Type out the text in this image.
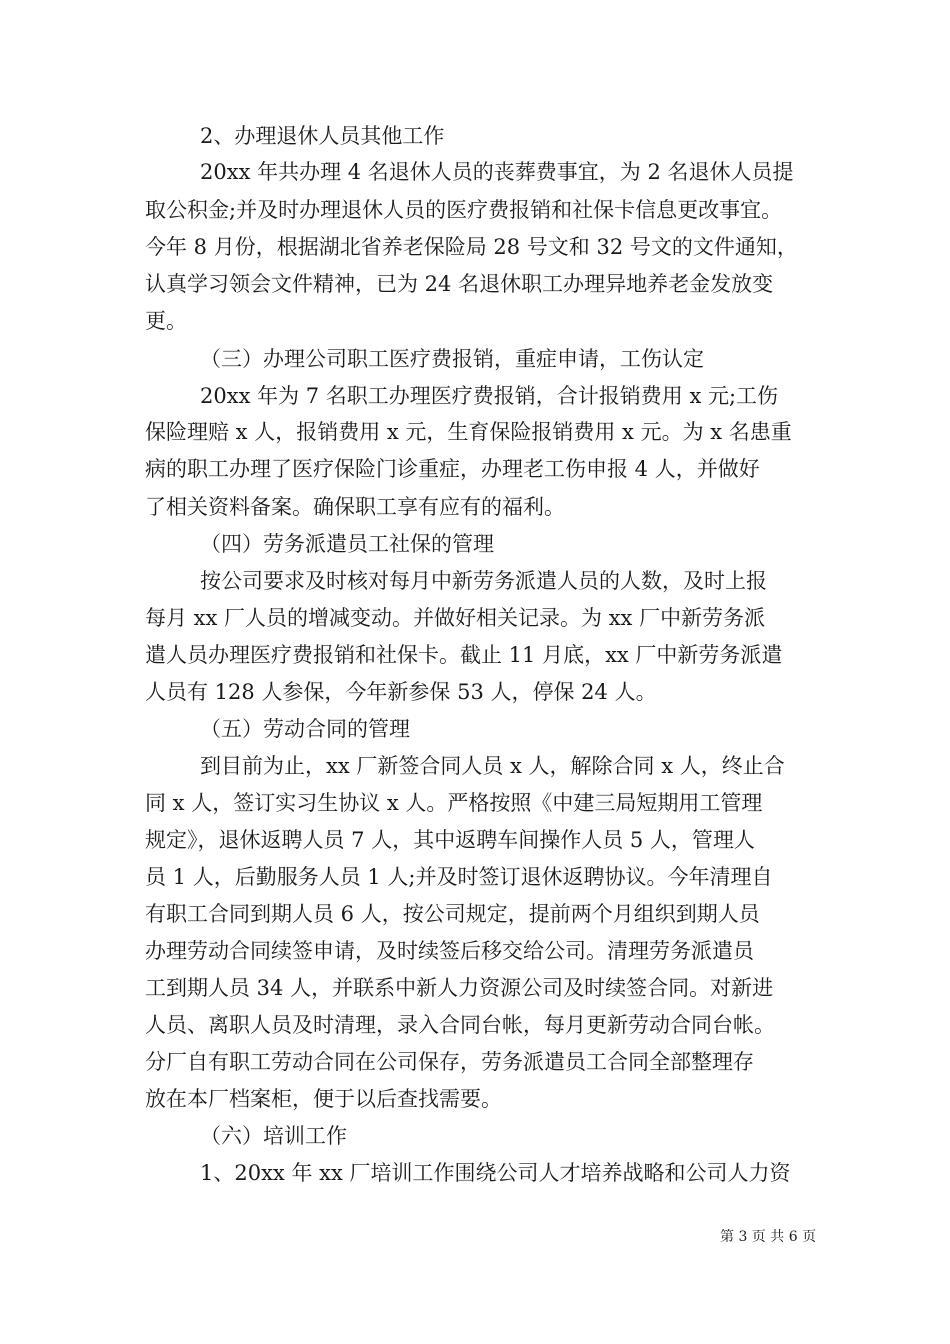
2、办理退休人员其他工作
20xx 年共办理 4 名退休人员的丧葬费事宜，为 2 名退休人员提
取公积金;并及时办理退休人员的医疗费报销和社保卡信息更改事宜。
今年 8 月份，根据湖北省养老保险局 28 号文和 32 号文的文件通知，
认真学习领会文件精神，已为 24 名退休职工办理异地养老金发放变
更。
（三）办理公司职工医疗费报销，重症申请，工伤认定
20xx 年为 7 名职工办理医疗费报销，合计报销费用 x 元;工伤
保险理赔 x 人，报销费用 x 元，生育保险报销费用 x 元。为 x 名患重
病的职工办理了医疗保险门诊重症，办理老工伤申报 4 人，并做好
了相关资料备案。确保职工享有应有的福利。
（四）劳务派遣员工社保的管理
按公司要求及时核对每月中新劳务派遣人员的人数，及时上报
每月 xx 厂人员的增减变动。并做好相关记录。为 xx 厂中新劳务派
遣人员办理医疗费报销和社保卡。截止 11 月底，xx 厂中新劳务派遣
人员有 128 人参保，今年新参保 53 人，停保 24 人。
（五）劳动合同的管理
到目前为止，xx 厂新签合同人员 x 人，解除合同 x 人，终止合
同 x 人，签订实习生协议 x 人。严格按照《中建三局短期用工管理
规定》，退休返聘人员 7 人，其中返聘车间操作人员 5 人，管理人
员 1 人，后勤服务人员 1 人;并及时签订退休返聘协议。今年清理自
有职工合同到期人员 6 人，按公司规定，提前两个月组织到期人员
办理劳动合同续签申请，及时续签后移交给公司。清理劳务派遣员
工到期人员 34 人，并联系中新人力资源公司及时续签合同。对新进
人员、离职人员及时清理，录入合同台帐，每月更新劳动合同台帐。
分厂自有职工劳动合同在公司保存，劳务派遣员工合同全部整理存
放在本厂档案柜，便于以后查找需要。
（六）培训工作
1、20xx 年 xx 厂培训工作围绕公司人才培养战略和公司人力资
第 3 页 共 6 页
